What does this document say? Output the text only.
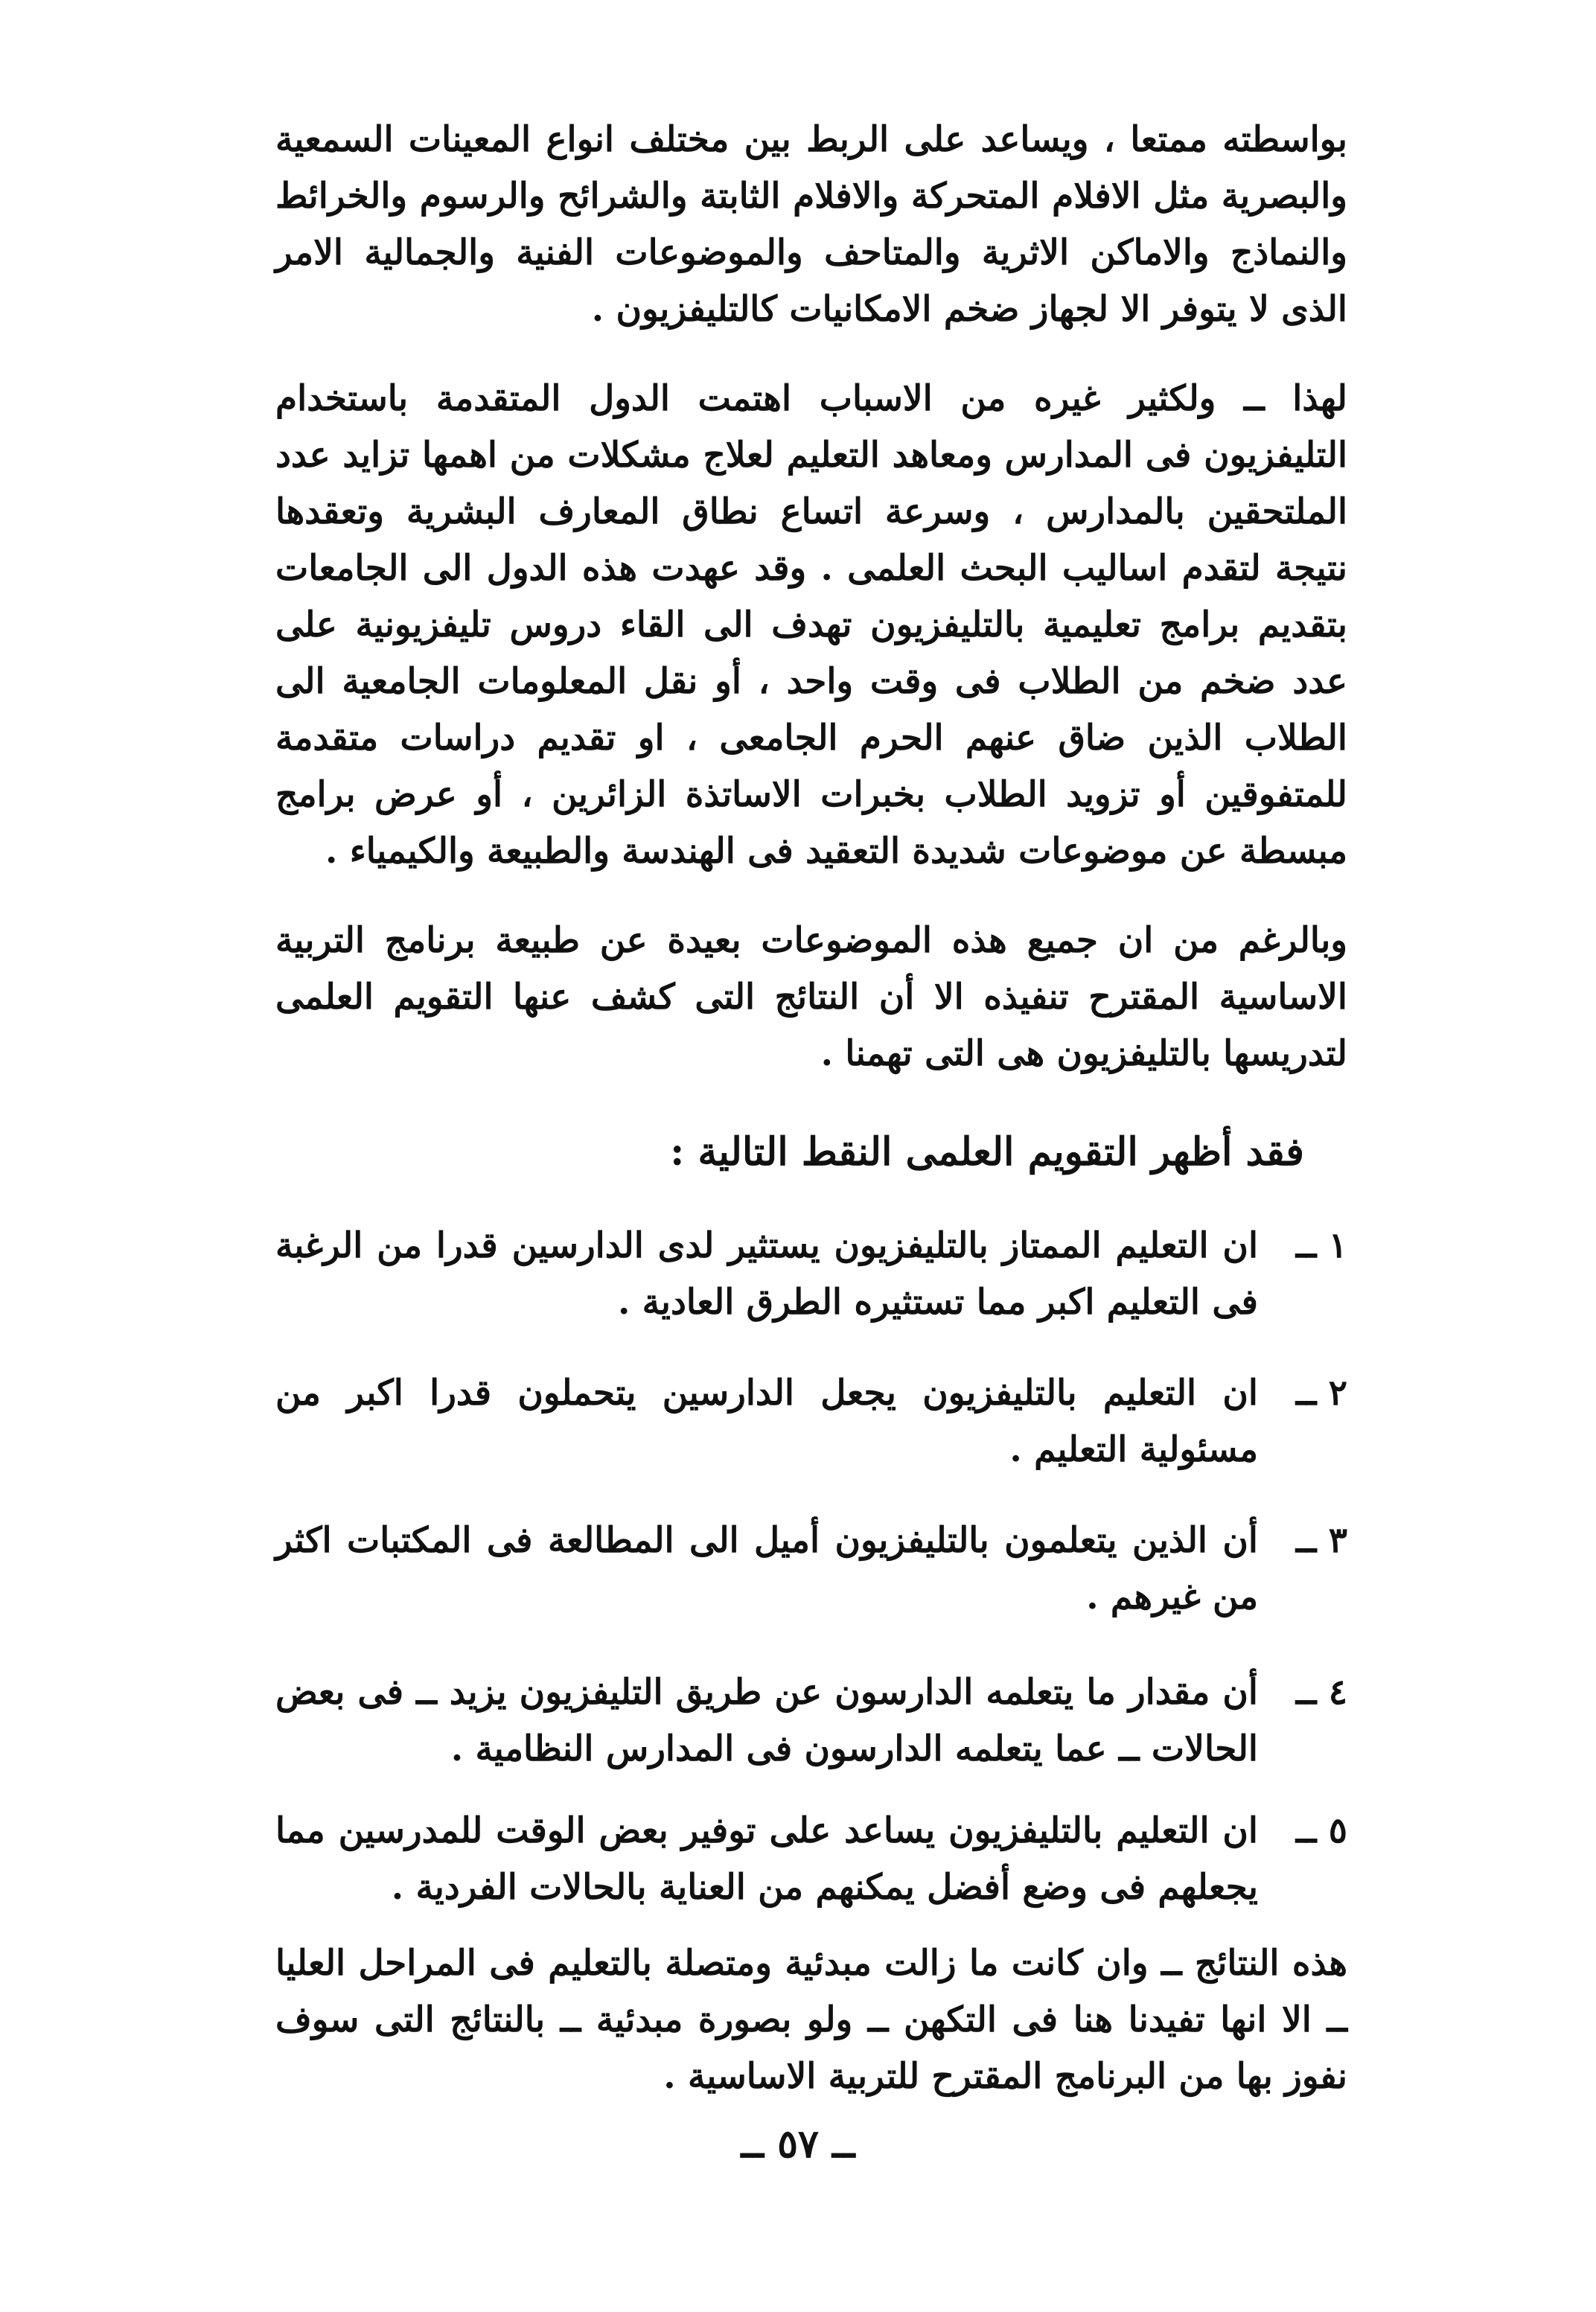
بواسطته ممتعا ، ويساعد على الربط بين مختلف انواع المعينات السمعية والبصرية مثل الافلام المتحركة والافلام الثابتة والشرائح والرسوم والخرائط والنماذج والاماكن الاثرية والمتاحف والموضوعات الفنية والجمالية الامر الذى لا يتوفر الا لجهاز ضخم الامكانيات كالتليفزيون .

لهذا ــ ولكثير غيره من الاسباب اهتمت الدول المتقدمة باستخدام التليفزيون فى المدارس ومعاهد التعليم لعلاج مشكلات من اهمها تزايد عدد الملتحقين بالمدارس ، وسرعة اتساع نطاق المعارف البشرية وتعقدها نتيجة لتقدم اساليب البحث العلمى . وقد عهدت هذه الدول الى الجامعات بتقديم برامج تعليمية بالتليفزيون تهدف الى القاء دروس تليفزيونية على عدد ضخم من الطلاب فى وقت واحد ، أو نقل المعلومات الجامعية الى الطلاب الذين ضاق عنهم الحرم الجامعى ، او تقديم دراسات متقدمة للمتفوقين أو تزويد الطلاب بخبرات الاساتذة الزائرين ، أو عرض برامج مبسطة عن موضوعات شديدة التعقيد فى الهندسة والطبيعة والكيمياء .

وبالرغم من ان جميع هذه الموضوعات بعيدة عن طبيعة برنامج التربية الاساسية المقترح تنفيذه الا أن النتائج التى كشف عنها التقويم العلمى لتدريسها بالتليفزيون هى التى تهمنا .

فقد أظهر التقويم العلمى النقط التالية :
١ ــ
ان التعليم الممتاز بالتليفزيون يستثير لدى الدارسين قدرا من الرغبة فى التعليم اكبر مما تستثيره الطرق العادية .
٢ ــ
ان التعليم بالتليفزيون يجعل الدارسين يتحملون قدرا اكبر من مسئولية التعليم .
٣ ــ
أن الذين يتعلمون بالتليفزيون أميل الى المطالعة فى المكتبات اكثر من غيرهم .
٤ ــ
أن مقدار ما يتعلمه الدارسون عن طريق التليفزيون يزيد ــ فى بعض الحالات ــ عما يتعلمه الدارسون فى المدارس النظامية .
٥ ــ
ان التعليم بالتليفزيون يساعد على توفير بعض الوقت للمدرسين مما يجعلهم فى وضع أفضل يمكنهم من العناية بالحالات الفردية .

هذه النتائج ــ وان كانت ما زالت مبدئية ومتصلة بالتعليم فى المراحل العليا ــ الا انها تفيدنا هنا فى التكهن ــ ولو بصورة مبدئية ــ بالنتائج التى سوف نفوز بها من البرنامج المقترح للتربية الاساسية .

ــ ٥٧ ــ
